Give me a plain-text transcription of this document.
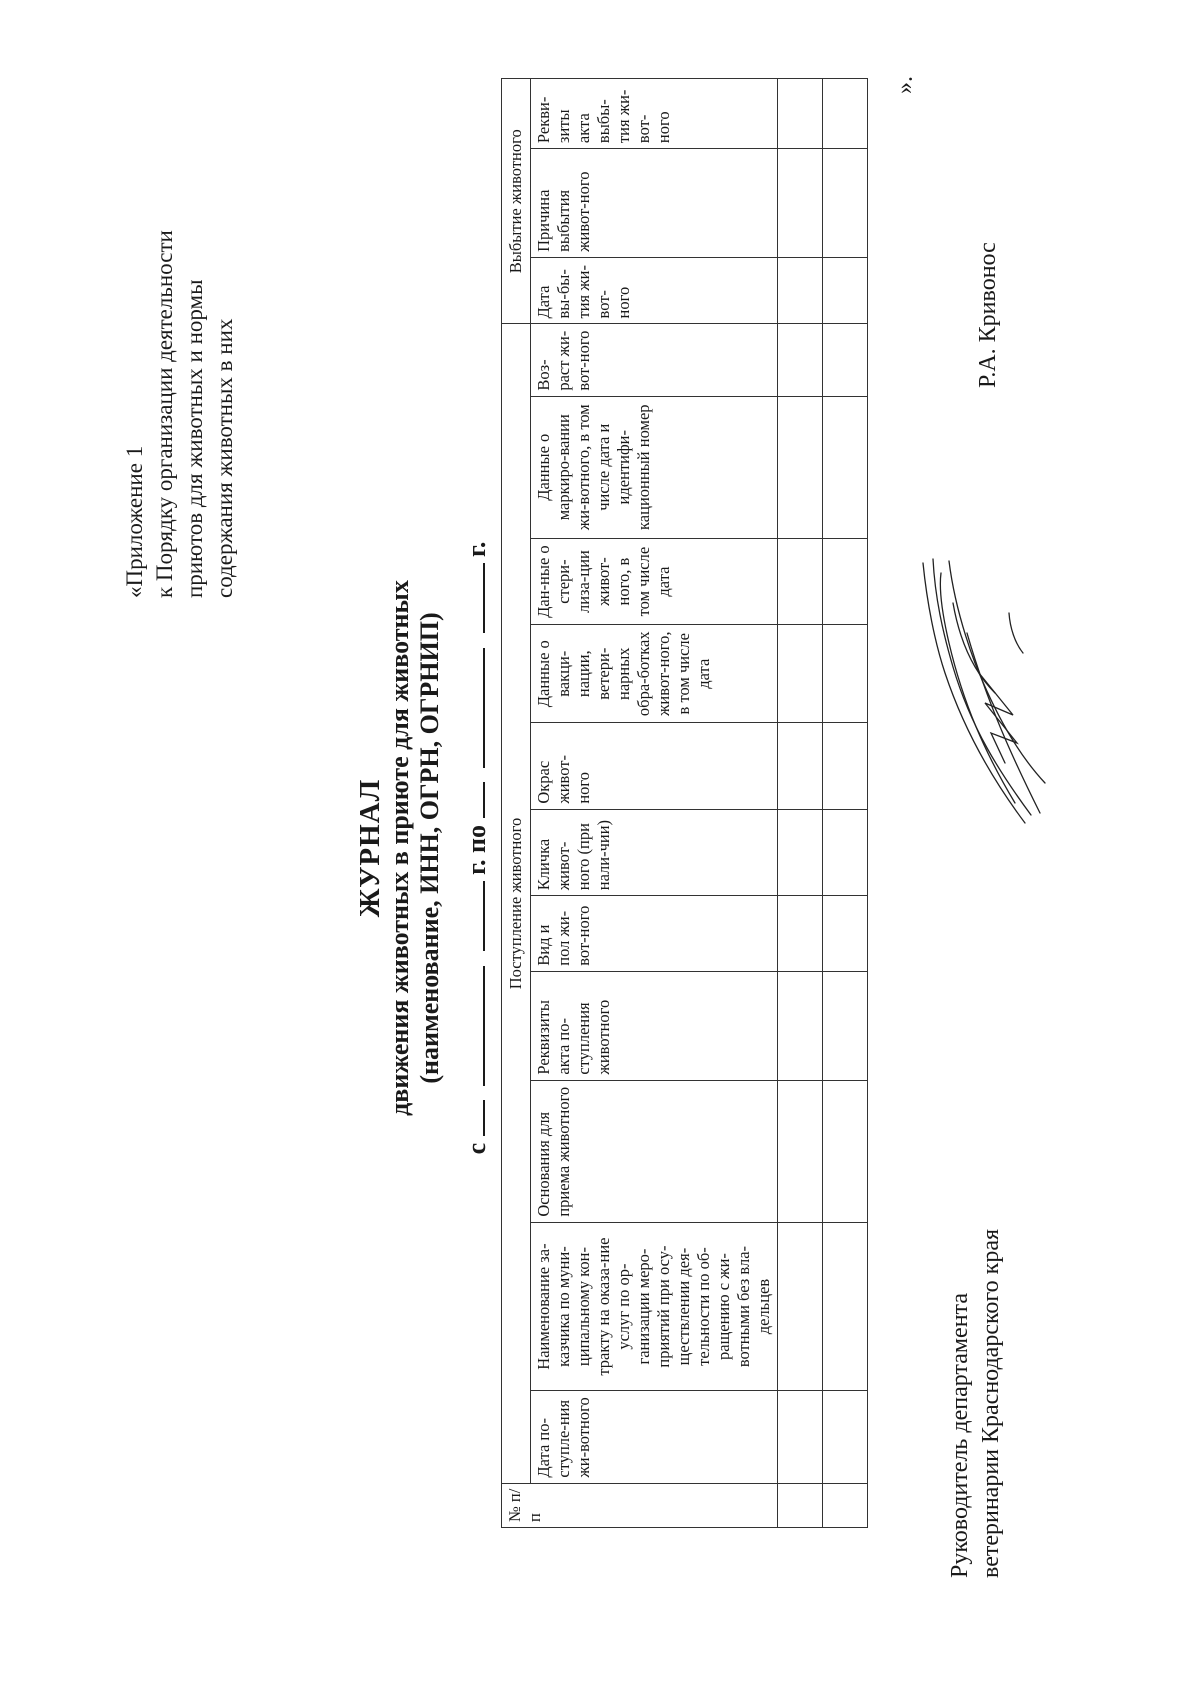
«Приложение 1 к Порядку организации деятельности приютов для животных и нормы содержания животных в них
ЖУРНАЛ движения животных в приюте для животных (наименование, ИНН, ОГРН, ОГРНИП)
с    г. по    г.
№ п/п	Поступление животного											Выбытие животного		
	Дата по-ступле-ния жи-вотного	Наименование за-казчика по муни-ципальному кон-тракту на оказа-ние услуг по ор-ганизации меро-приятий при осу-ществлении дея-тельности по об-ращению с жи-вотными без вла-дельцев	Основания для приема животного	Реквизиты акта по-ступления животного	Вид и пол жи-вот-ного	Кличка живот-ного (при нали-чии)	Окрас живот-ного	Данные о вакци-нации, ветери-нарных обра-ботках живот-ного, в том числе дата	Дан-ные о стери-лиза-ции живот-ного, в том числе дата	Данные о маркиро-вании жи-вотного, в том числе дата и идентифи-кационный номер	Воз-раст жи-вот-ного	Дата вы-бы-тия жи-вот-ного	Причина выбытия живот-ного	Рекви-зиты акта выбы-тия жи-вот-ного

».
Руководитель департамента ветеринарии Краснодарского края
Р.А. Кривонос
